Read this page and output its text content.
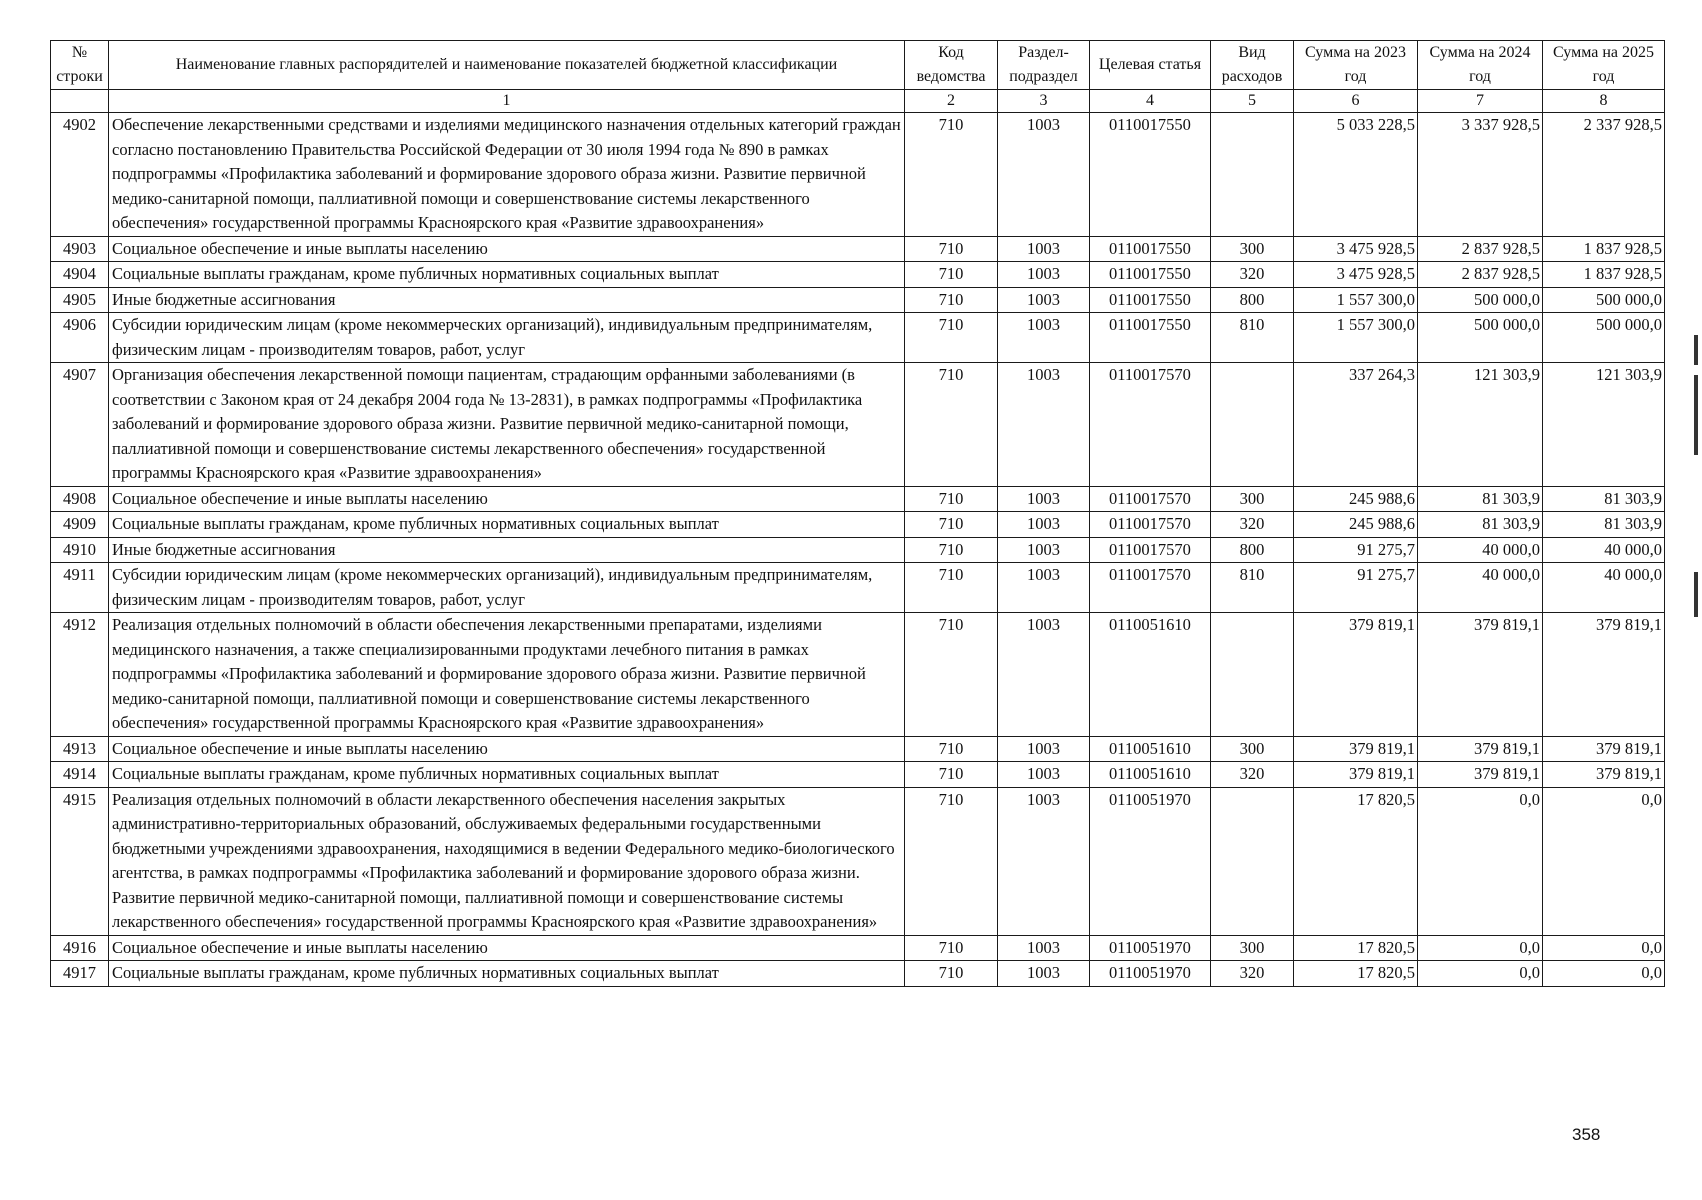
№ строки	Наименование главных распорядителей и наименование показателей бюджетной классификации	Код ведомства	Раздел-подраздел	Целевая статья	Вид расходов	Сумма на 2023 год	Сумма на 2024 год	Сумма на 2025 год
	1	2	3	4	5	6	7	8
4902	Обеспечение лекарственными средствами и изделиями медицинского назначения отдельных категорий граждан согласно постановлению Правительства Российской Федерации от 30 июля 1994 года № 890 в рамках подпрограммы «Профилактика заболеваний и формирование здорового образа жизни. Развитие первичной медико-санитарной помощи, паллиативной помощи и совершенствование системы лекарственного обеспечения» государственной программы Красноярского края «Развитие здравоохранения»	710	1003	0110017550		5 033 228,5	3 337 928,5	2 337 928,5
4903	Социальное обеспечение и иные выплаты населению	710	1003	0110017550	300	3 475 928,5	2 837 928,5	1 837 928,5
4904	Социальные выплаты гражданам, кроме публичных нормативных социальных выплат	710	1003	0110017550	320	3 475 928,5	2 837 928,5	1 837 928,5
4905	Иные бюджетные ассигнования	710	1003	0110017550	800	1 557 300,0	500 000,0	500 000,0
4906	Субсидии юридическим лицам (кроме некоммерческих организаций), индивидуальным предпринимателям, физическим лицам - производителям товаров, работ, услуг	710	1003	0110017550	810	1 557 300,0	500 000,0	500 000,0
4907	Организация обеспечения лекарственной помощи пациентам, страдающим орфанными заболеваниями (в соответствии с Законом края от 24 декабря 2004 года № 13-2831), в рамках подпрограммы «Профилактика заболеваний и формирование здорового образа жизни. Развитие первичной медико-санитарной помощи, паллиативной помощи и совершенствование системы лекарственного обеспечения» государственной программы Красноярского края «Развитие здравоохранения»	710	1003	0110017570		337 264,3	121 303,9	121 303,9
4908	Социальное обеспечение и иные выплаты населению	710	1003	0110017570	300	245 988,6	81 303,9	81 303,9
4909	Социальные выплаты гражданам, кроме публичных нормативных социальных выплат	710	1003	0110017570	320	245 988,6	81 303,9	81 303,9
4910	Иные бюджетные ассигнования	710	1003	0110017570	800	91 275,7	40 000,0	40 000,0
4911	Субсидии юридическим лицам (кроме некоммерческих организаций), индивидуальным предпринимателям, физическим лицам - производителям товаров, работ, услуг	710	1003	0110017570	810	91 275,7	40 000,0	40 000,0
4912	Реализация отдельных полномочий в области обеспечения лекарственными препаратами, изделиями медицинского назначения, а также специализированными продуктами лечебного питания в рамках подпрограммы «Профилактика заболеваний и формирование здорового образа жизни. Развитие первичной медико-санитарной помощи, паллиативной помощи и совершенствование системы лекарственного обеспечения» государственной программы Красноярского края «Развитие здравоохранения»	710	1003	0110051610		379 819,1	379 819,1	379 819,1
4913	Социальное обеспечение и иные выплаты населению	710	1003	0110051610	300	379 819,1	379 819,1	379 819,1
4914	Социальные выплаты гражданам, кроме публичных нормативных социальных выплат	710	1003	0110051610	320	379 819,1	379 819,1	379 819,1
4915	Реализация отдельных полномочий в области лекарственного обеспечения населения закрытых административно-территориальных образований, обслуживаемых федеральными государственными бюджетными учреждениями здравоохранения, находящимися в ведении Федерального медико-биологического агентства, в рамках подпрограммы «Профилактика заболеваний и формирование здорового образа жизни. Развитие первичной медико-санитарной помощи, паллиативной помощи и совершенствование системы лекарственного обеспечения» государственной программы Красноярского края «Развитие здравоохранения»	710	1003	0110051970		17 820,5	0,0	0,0
4916	Социальное обеспечение и иные выплаты населению	710	1003	0110051970	300	17 820,5	0,0	0,0
4917	Социальные выплаты гражданам, кроме публичных нормативных социальных выплат	710	1003	0110051970	320	17 820,5	0,0	0,0
358
